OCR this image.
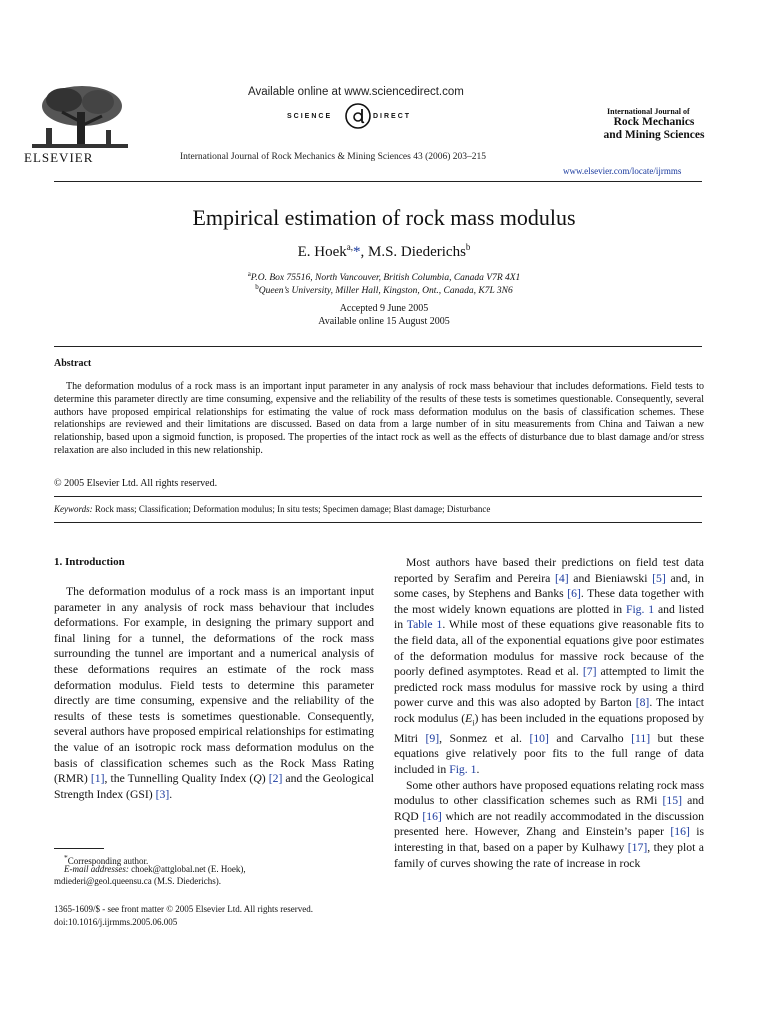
Available online at www.sciencedirect.com
SCIENCE	DIRECT
ELSEVIER	International Journal of Rock Mechanics & Mining Sciences 43 (2006) 203–215
International Journal of
Rock Mechanics
and Mining Sciences
www.elsevier.com/locate/ijrmms
Empirical estimation of rock mass modulus
E. Hoek$^{a,}$*, M.S. Diederichs$^b$
$^a$P.O. Box 75516, North Vancouver, British Columbia, Canada V7R 4X1
$^b$Queen’s University, Miller Hall, Kingston, Ont., Canada, K7L 3N6
Accepted 9 June 2005
Available online 15 August 2005
Abstract

The deformation modulus of a rock mass is an important input parameter in any analysis of rock mass behaviour that includes deformations. Field tests to determine this parameter directly are time consuming, expensive and the reliability of the results of these tests is sometimes questionable. Consequently, several authors have proposed empirical relationships for estimating the value of rock mass deformation modulus on the basis of classification schemes. These relationships are reviewed and their limitations are discussed. Based on data from a large number of in situ measurements from China and Taiwan a new relationship, based upon a sigmoid function, is proposed. The properties of the intact rock as well as the effects of disturbance due to blast damage and/or stress relaxation are also included in this new relationship.

© 2005 Elsevier Ltd. All rights reserved.
Keywords: Rock mass; Classification; Deformation modulus; In situ tests; Specimen damage; Blast damage; Disturbance
1. Introduction

The deformation modulus of a rock mass is an important input parameter in any analysis of rock mass behaviour that includes deformations. For example, in designing the primary support and final lining for a tunnel, the deformations of the rock mass surrounding the tunnel are important and a numerical analysis of these deformations requires an estimate of the rock mass deformation modulus. Field tests to determine this parameter directly are time consuming, expensive and the reliability of the results of these tests is sometimes questionable. Consequently, several authors have proposed empirical relationships for estimating the value of an isotropic rock mass deformation modulus on the basis of classification schemes such as the Rock Mass Rating (RMR) [1], the Tunnelling Quality Index (Q) [2] and the Geological Strength Index (GSI) [3].

Most authors have based their predictions on field test data reported by Serafim and Pereira [4] and Bieniawski [5] and, in some cases, by Stephens and Banks [6]. These data together with the most widely known equations are plotted in Fig. 1 and listed in Table 1. While most of these equations give reasonable fits to the field data, all of the exponential equations give poor estimates of the deformation modulus for massive rock because of the poorly defined asymptotes. Read et al. [7] attempted to limit the predicted rock mass modulus for massive rock by using a third power curve and this was also adopted by Barton [8]. The intact rock modulus $(E_i)$ has been included in the equations proposed by Mitri [9], Sonmez et al. [10] and Carvalho [11] but these equations give relatively poor fits to the full range of data included in Fig. 1.

Some other authors have proposed equations relating rock mass modulus to other classification schemes such as RMi [15] and RQD [16] which are not readily accommodated in the discussion presented here. However, Zhang and Einstein’s paper [16] is interesting in that, based on a paper by Kulhawy [17], they plot a family of curves showing the rate of increase in rock

*Corresponding author.
E-mail addresses: choek@attglobal.net (E. Hoek),
mdiederi@geol.queensu.ca (M.S. Diederichs).
1365-1609/$ - see front matter © 2005 Elsevier Ltd. All rights reserved.
doi:10.1016/j.ijrmms.2005.06.005
